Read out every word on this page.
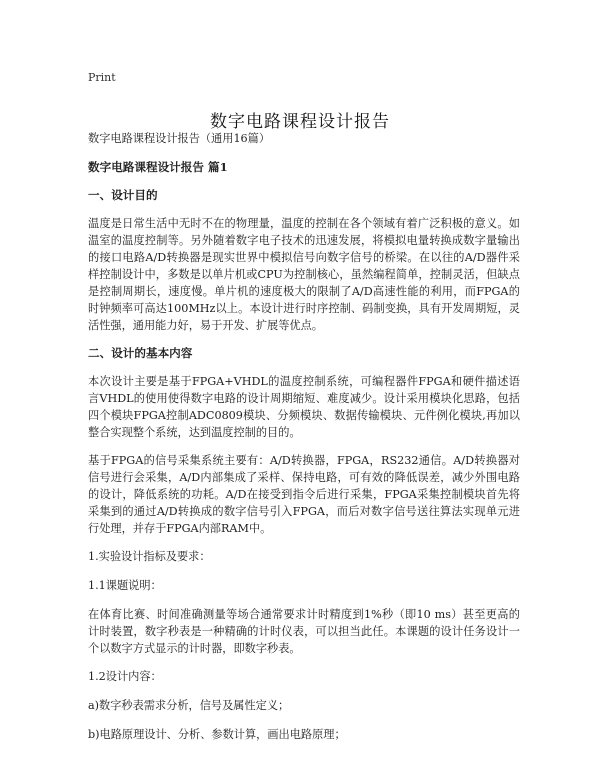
Print
数字电路课程设计报告

数字电路课程设计报告（通用16篇）

数字电路课程设计报告 篇1

一、设计目的

温度是日常生活中无时不在的物理量，温度的控制在各个领域有着广泛积极的意义。如温室的温度控制等。另外随着数字电子技术的迅速发展，将模拟电量转换成数字量输出的接口电路A/D转换器是现实世界中模拟信号向数字信号的桥梁。在以往的A/D器件采样控制设计中，多数是以单片机或CPU为控制核心，虽然编程简单，控制灵活，但缺点是控制周期长，速度慢。单片机的速度极大的限制了A/D高速性能的利用，而FPGA的时钟频率可高达100MHz以上。本设计进行时序控制、码制变换，具有开发周期短，灵活性强，通用能力好，易于开发、扩展等优点。

二、设计的基本内容

本次设计主要是基于FPGA+VHDL的温度控制系统，可编程器件FPGA和硬件描述语言VHDL的使用使得数字电路的设计周期缩短、难度减少。设计采用模块化思路，包括四个模块FPGA控制ADC0809模块、分频模块、数据传输模块、元件例化模块,再加以整合实现整个系统，达到温度控制的目的。

基于FPGA的信号采集系统主要有：A/D转换器，FPGA，RS232通信。A/D转换器对信号进行会采集，A/D内部集成了采样、保持电路，可有效的降低误差，减少外围电路的设计，降低系统的功耗。A/D在接受到指令后进行采集，FPGA采集控制模块首先将采集到的通过A/D转换成的数字信号引入FPGA，而后对数字信号送往算法实现单元进行处理，并存于FPGA内部RAM中。

1.实验设计指标及要求：

1.1课题说明：

在体育比赛、时间准确测量等场合通常要求计时精度到1%秒（即10 ms）甚至更高的计时装置，数字秒表是一种精确的计时仪表，可以担当此任。本课题的设计任务设计一个以数字方式显示的计时器，即数字秒表。

1.2设计内容：

a)数字秒表需求分析，信号及属性定义；

b)电路原理设计、分析、参数计算，画出电路原理；
